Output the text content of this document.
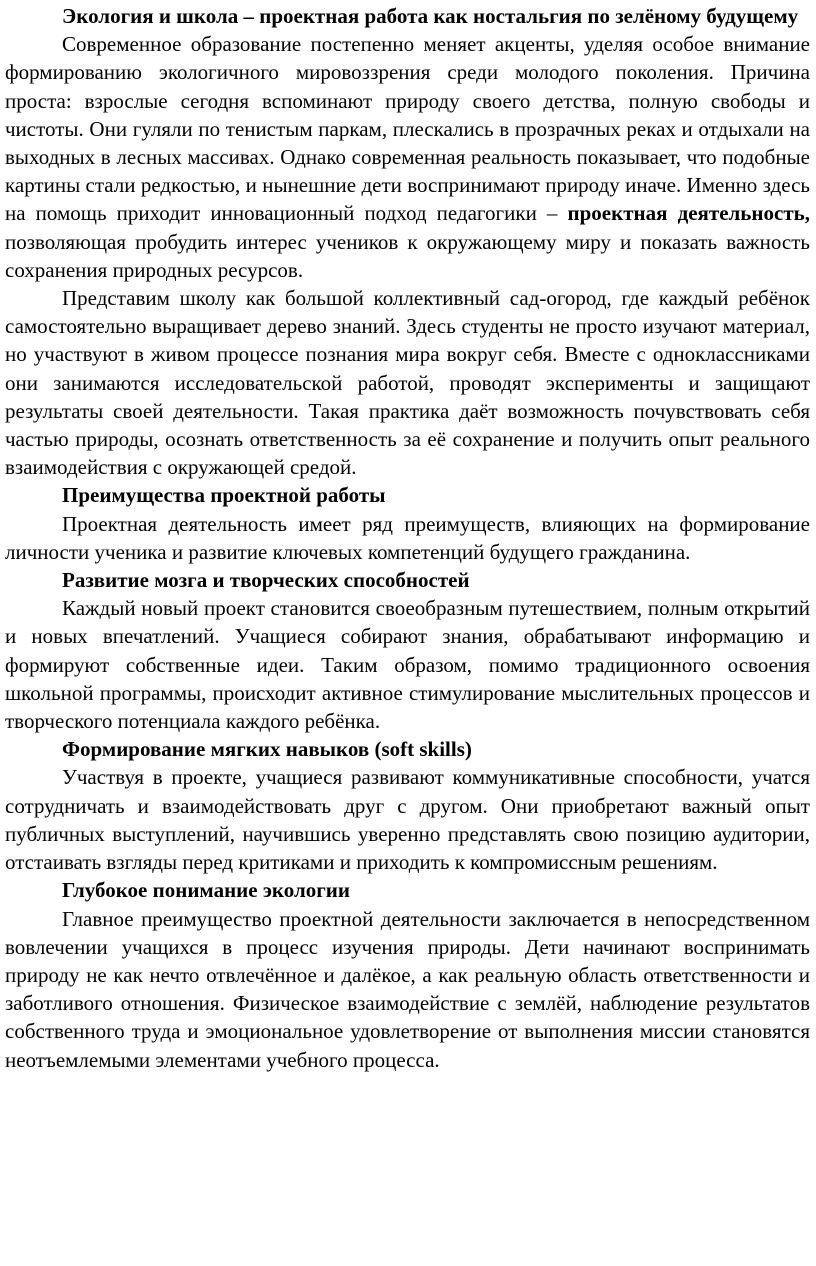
Экология и школа – проектная работа как ностальгия по зелёному будущему

Современное образование постепенно меняет акценты, уделяя особое внимание формированию экологичного мировоззрения среди молодого поколения. Причина проста: взрослые сегодня вспоминают природу своего детства, полную свободы и чистоты. Они гуляли по тенистым паркам, плескались в прозрачных реках и отдыхали на выходных в лесных массивах. Однако современная реальность показывает, что подобные картины стали редкостью, и нынешние дети воспринимают природу иначе. Именно здесь на помощь приходит инновационный подход педагогики – проектная деятельность, позволяющая пробудить интерес учеников к окружающему миру и показать важность сохранения природных ресурсов.

Представим школу как большой коллективный сад-огород, где каждый ребёнок самостоятельно выращивает дерево знаний. Здесь студенты не просто изучают материал, но участвуют в живом процессе познания мира вокруг себя. Вместе с одноклассниками они занимаются исследовательской работой, проводят эксперименты и защищают результаты своей деятельности. Такая практика даёт возможность почувствовать себя частью природы, осознать ответственность за её сохранение и получить опыт реального взаимодействия с окружающей средой.

Преимущества проектной работы

Проектная деятельность имеет ряд преимуществ, влияющих на формирование личности ученика и развитие ключевых компетенций будущего гражданина.

Развитие мозга и творческих способностей

Каждый новый проект становится своеобразным путешествием, полным открытий и новых впечатлений. Учащиеся собирают знания, обрабатывают информацию и формируют собственные идеи. Таким образом, помимо традиционного освоения школьной программы, происходит активное стимулирование мыслительных процессов и творческого потенциала каждого ребёнка.

Формирование мягких навыков (soft skills)

Участвуя в проекте, учащиеся развивают коммуникативные способности, учатся сотрудничать и взаимодействовать друг с другом. Они приобретают важный опыт публичных выступлений, научившись уверенно представлять свою позицию аудитории, отстаивать взгляды перед критиками и приходить к компромиссным решениям.

Глубокое понимание экологии

Главное преимущество проектной деятельности заключается в непосредственном вовлечении учащихся в процесс изучения природы. Дети начинают воспринимать природу не как нечто отвлечённое и далёкое, а как реальную область ответственности и заботливого отношения. Физическое взаимодействие с землёй, наблюдение результатов собственного труда и эмоциональное удовлетворение от выполнения миссии становятся неотъемлемыми элементами учебного процесса.
